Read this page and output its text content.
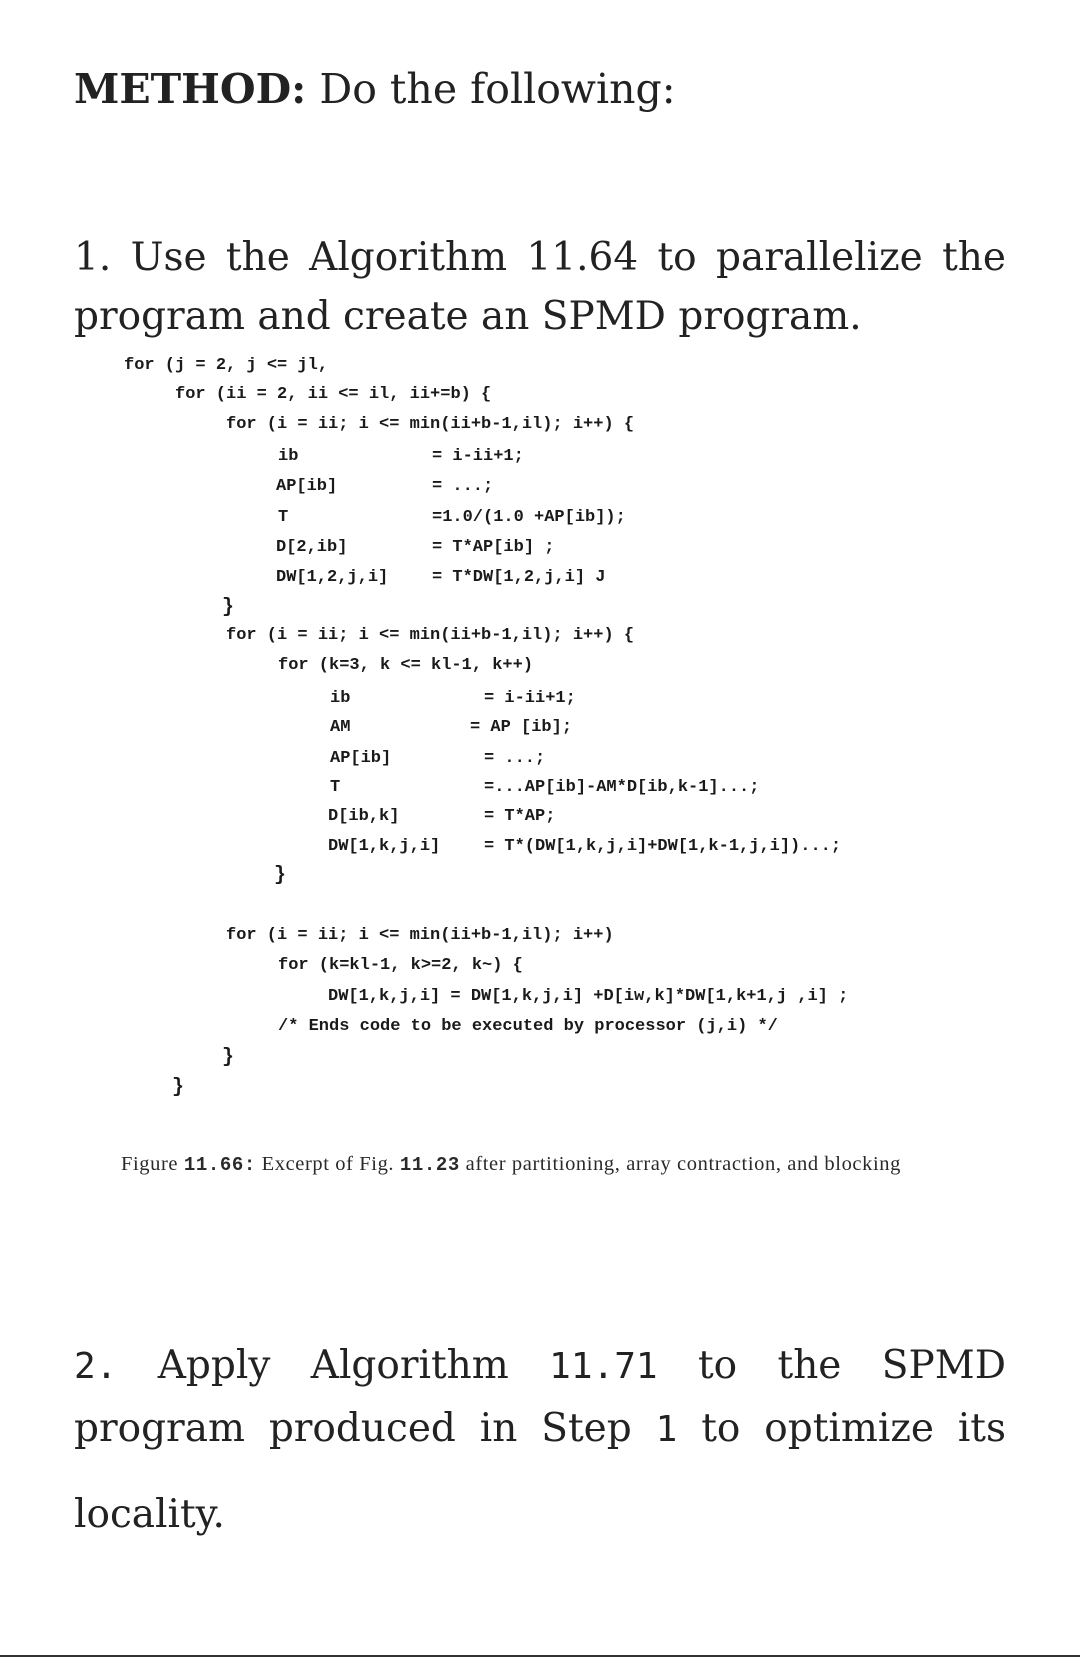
METHOD: Do the following:
1. Use the Algorithm 11.64 to parallelize the
program and create an SPMD program.
for (j = 2, j <= jl,
for (ii = 2, ii <= il, ii+=b) {
for (i = ii; i <= min(ii+b-1,il); i++) {
ib	= i-ii+1;
AP[ib]	= ...;
T	=1.0/(1.0 +AP[ib]);
D[2,ib]	= T*AP[ib] ;
DW[1,2,j,i]	= T*DW[1,2,j,i] J
}
for (i = ii; i <= min(ii+b-1,il); i++) {
for (k=3, k <= kl-1, k++)
ib	= i-ii+1;
AM	= AP [ib];
AP[ib]	= ...;
T	=...AP[ib]-AM*D[ib,k-1]...;
D[ib,k]	= T*AP;
DW[1,k,j,i]	= T*(DW[1,k,j,i]+DW[1,k-1,j,i])...;
}
for (i = ii; i <= min(ii+b-1,il); i++)
for (k=kl-1, k>=2, k~) {
DW[1,k,j,i] = DW[1,k,j,i] +D[iw,k]*DW[1,k+1,j ,i] ;
/* Ends code to be executed by processor (j,i) */
}
}
Figure 11.66: Excerpt of Fig. 11.23 after partitioning, array contraction, and blocking
2. Apply Algorithm 11.71 to the SPMD program produced in Step 1 to optimize its
locality.
